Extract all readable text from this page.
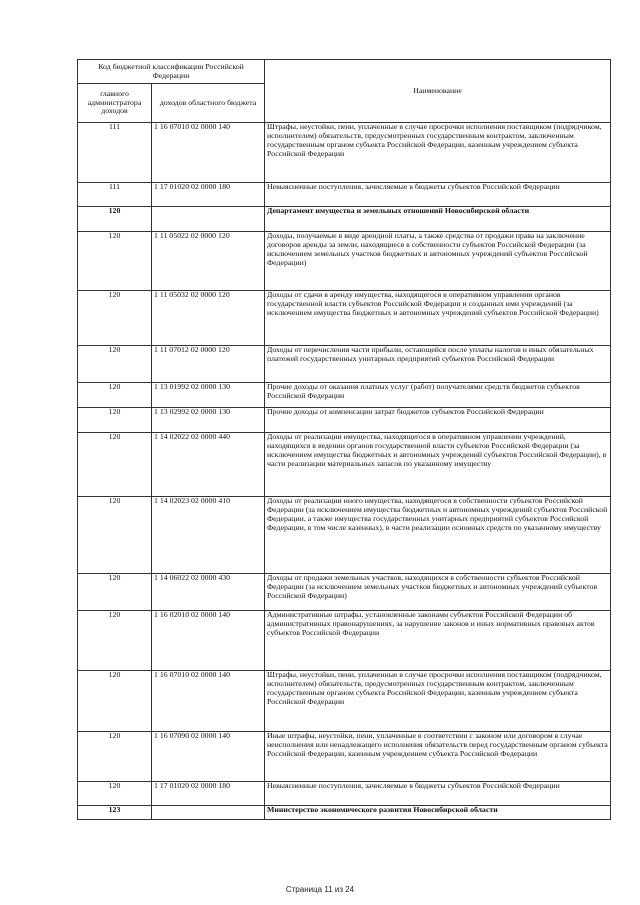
Код бюджетной классификации Российской Федерации		Наименование
главного администратора доходов	доходов областного бюджета	
111	1 16 07010 02 0000 140	Штрафы, неустойки, пени, уплаченные в случае просрочки исполнения поставщиком (подрядчиком, исполнителем) обязательств, предусмотренных государственным контрактом, заключенным государственным органом субъекта Российской Федерации, казенным учреждением субъекта Российской Федерации
111	1 17 01020 02 0000 180	Невыясненные поступления, зачисляемые в бюджеты субъектов Российской Федерации
120		Департамент имущества и земельных отношений Новосибирской области
120	1 11 05022 02 0000 120	Доходы, получаемые в виде арендной платы, а также средства от продажи права на заключение договоров аренды за земли, находящиеся в собственности субъектов Российской Федерации (за исключением земельных участков бюджетных и автономных учреждений субъектов Российской Федерации)
120	1 11 05032 02 0000 120	Доходы от сдачи в аренду имущества, находящегося в оперативном управлении органов государственной власти субъектов Российской Федерации и созданных ими учреждений (за исключением имущества бюджетных и автономных учреждений субъектов Российской Федерации)
120	1 11 07012 02 0000 120	Доходы от перечисления части прибыли, остающейся после уплаты налогов и иных обязательных платежей государственных унитарных предприятий субъектов Российской Федерации
120	1 13 01992 02 0000 130	Прочие доходы от оказания платных услуг (работ) получателями средств бюджетов субъектов Российской Федерации
120	1 13 02992 02 0000 130	Прочие доходы от компенсации затрат бюджетов субъектов Российской Федерации
120	1 14 02022 02 0000 440	Доходы от реализации имущества, находящегося в оперативном управлении учреждений, находящихся в ведении органов государственной власти субъектов Российской Федерации (за исключением имущества бюджетных и автономных учреждений субъектов Российской Федерации), в части реализации материальных запасов по указанному имуществу
120	1 14 02023 02 0000 410	Доходы от реализации иного имущества, находящегося в собственности субъектов Российской Федерации (за исключением имущества бюджетных и автономных учреждений субъектов Российской Федерации, а также имущества государственных унитарных предприятий субъектов Российской Федерации, в том числе казенных), в части реализации основных средств по указанному имуществу
120	1 14 06022 02 0000 430	Доходы от продажи земельных участков, находящихся в собственности субъектов Российской Федерации (за исключением земельных участков бюджетных и автономных учреждений субъектов Российской Федерации)
120	1 16 02010 02 0000 140	Административные штрафы, установленные законами субъектов Российской Федерации об административных правонарушениях, за нарушение законов и иных нормативных правовых актов субъектов Российской Федерации
120	1 16 07010 02 0000 140	Штрафы, неустойки, пени, уплаченные в случае просрочки исполнения поставщиком (подрядчиком, исполнителем) обязательств, предусмотренных государственным контрактом, заключенным государственным органом субъекта Российской Федерации, казенным учреждением субъекта Российской Федерации
120	1 16 07090 02 0000 140	Иные штрафы, неустойки, пени, уплаченные в соответствии с законом или договором в случае неисполнения или ненадлежащего исполнения обязательств перед государственным органом субъекта Российской Федерации, казенным учреждением субъекта Российской Федерации
120	1 17 01020 02 0000 180	Невыясненные поступления, зачисляемые в бюджеты субъектов Российской Федерации
123		Министерство экономического развития Новосибирской области
Страница 11 из 24
